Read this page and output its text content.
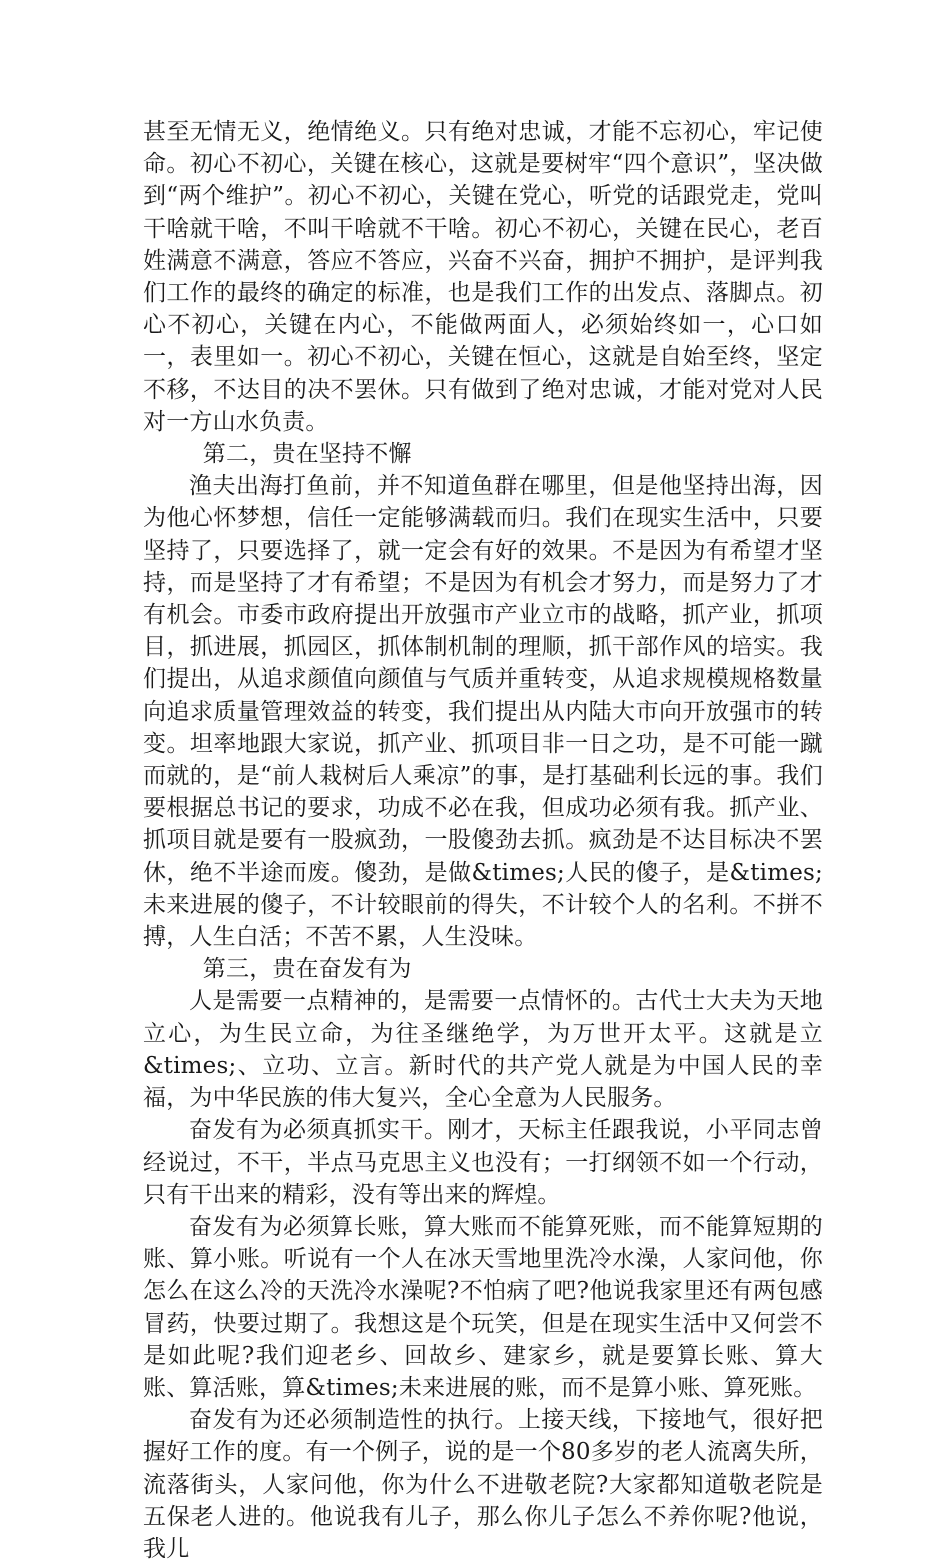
甚至无情无义，绝情绝义。只有绝对忠诚，才能不忘初心，牢记使命。初心不初心，关键在核心，这就是要树牢“四个意识”，坚决做到“两个维护”。初心不初心，关键在党心，听党的话跟党走，党叫干啥就干啥，不叫干啥就不干啥。初心不初心，关键在民心，老百姓满意不满意，答应不答应，兴奋不兴奋，拥护不拥护，是评判我们工作的最终的确定的标准，也是我们工作的出发点、落脚点。初心不初心，关键在内心，不能做两面人，必须始终如一，心口如一，表里如一。初心不初心，关键在恒心，这就是自始至终，坚定不移，不达目的决不罢休。只有做到了绝对忠诚，才能对党对人民对一方山水负责。

第二，贵在坚持不懈

渔夫出海打鱼前，并不知道鱼群在哪里，但是他坚持出海，因为他心怀梦想，信任一定能够满载而归。我们在现实生活中，只要坚持了，只要选择了，就一定会有好的效果。不是因为有希望才坚持，而是坚持了才有希望；不是因为有机会才努力，而是努力了才有机会。市委市政府提出开放强市产业立市的战略，抓产业，抓项目，抓进展，抓园区，抓体制机制的理顺，抓干部作风的培实。我们提出，从追求颜值向颜值与气质并重转变，从追求规模规格数量向追求质量管理效益的转变，我们提出从内陆大市向开放强市的转变。坦率地跟大家说，抓产业、抓项目非一日之功，是不可能一蹴而就的，是“前人栽树后人乘凉”的事，是打基础利长远的事。我们要根据总书记的要求，功成不必在我，但成功必须有我。抓产业、抓项目就是要有一股疯劲，一股傻劲去抓。疯劲是不达目标决不罢休，绝不半途而废。傻劲，是做&times;人民的傻子，是&times;未来进展的傻子，不计较眼前的得失，不计较个人的名利。不拼不搏，人生白活；不苦不累，人生没味。

第三，贵在奋发有为

人是需要一点精神的，是需要一点情怀的。古代士大夫为天地立心，为生民立命，为往圣继绝学，为万世开太平。这就是立&times;、立功、立言。新时代的共产党人就是为中国人民的幸福，为中华民族的伟大复兴，全心全意为人民服务。

奋发有为必须真抓实干。刚才，天标主任跟我说，小平同志曾经说过，不干，半点马克思主义也没有；一打纲领不如一个行动，只有干出来的精彩，没有等出来的辉煌。

奋发有为必须算长账，算大账而不能算死账，而不能算短期的账、算小账。听说有一个人在冰天雪地里洗冷水澡，人家问他，你怎么在这么冷的天洗冷水澡呢?不怕病了吧?他说我家里还有两包感冒药，快要过期了。我想这是个玩笑，但是在现实生活中又何尝不是如此呢?我们迎老乡、回故乡、建家乡，就是要算长账、算大账、算活账，算&times;未来进展的账，而不是算小账、算死账。

奋发有为还必须制造性的执行。上接天线，下接地气，很好把握好工作的度。有一个例子，说的是一个80多岁的老人流离失所，流落街头，人家问他，你为什么不进敬老院?大家都知道敬老院是五保老人进的。他说我有儿子，那么你儿子怎么不养你呢?他说，我儿
